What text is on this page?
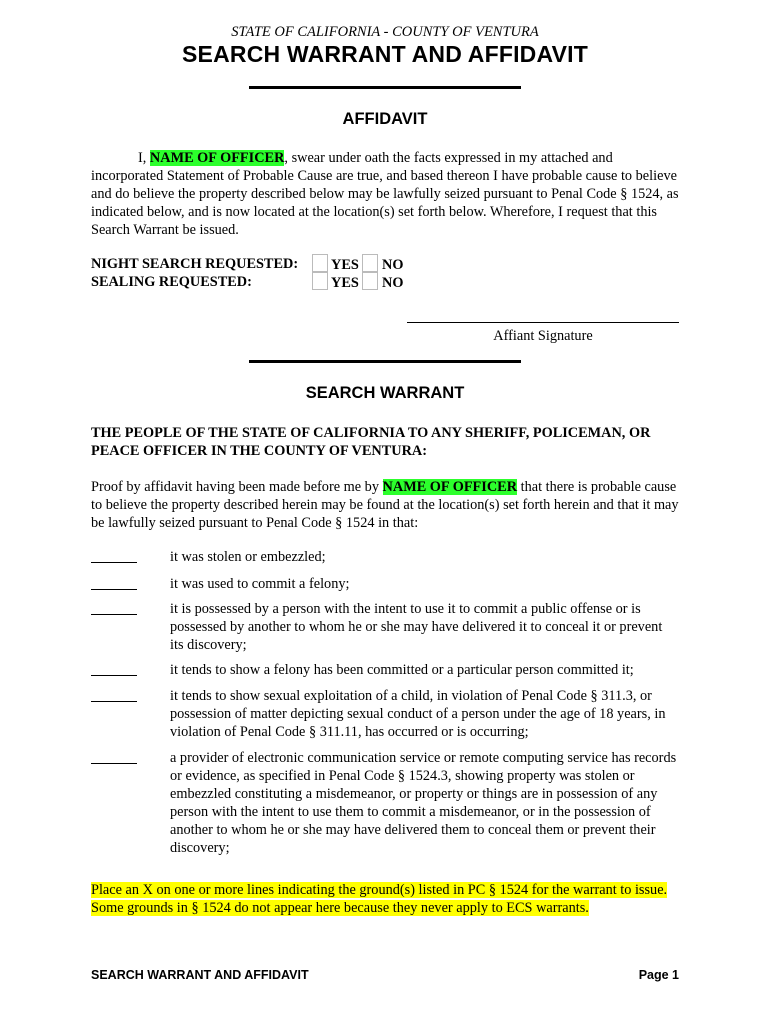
STATE OF CALIFORNIA - COUNTY OF VENTURA
SEARCH WARRANT AND AFFIDAVIT
AFFIDAVIT
I, NAME OF OFFICER, swear under oath the facts expressed in my attached and incorporated Statement of Probable Cause are true, and based thereon I have probable cause to believe and do believe the property described below may be lawfully seized pursuant to Penal Code § 1524, as indicated below, and is now located at the location(s) set forth below. Wherefore, I request that this Search Warrant be issued.
NIGHT SEARCH REQUESTED:
SEALING REQUESTED:
YES NO
YES NO
Affiant Signature
SEARCH WARRANT
THE PEOPLE OF THE STATE OF CALIFORNIA TO ANY SHERIFF, POLICEMAN, OR PEACE OFFICER IN THE COUNTY OF VENTURA:
Proof by affidavit having been made before me by NAME OF OFFICER that there is probable cause to believe the property described herein may be found at the location(s) set forth herein and that it may be lawfully seized pursuant to Penal Code § 1524 in that:
it was stolen or embezzled;
it was used to commit a felony;
it is possessed by a person with the intent to use it to commit a public offense or is possessed by another to whom he or she may have delivered it to conceal it or prevent its discovery;
it tends to show a felony has been committed or a particular person committed it;
it tends to show sexual exploitation of a child, in violation of Penal Code § 311.3, or possession of matter depicting sexual conduct of a person under the age of 18 years, in violation of Penal Code § 311.11, has occurred or is occurring;
a provider of electronic communication service or remote computing service has records or evidence, as specified in Penal Code § 1524.3, showing property was stolen or embezzled constituting a misdemeanor, or property or things are in possession of any person with the intent to use them to commit a misdemeanor, or in the possession of another to whom he or she may have delivered them to conceal them or prevent their discovery;
Place an X on one or more lines indicating the ground(s) listed in PC § 1524 for the warrant to issue. Some grounds in § 1524 do not appear here because they never apply to ECS warrants.
SEARCH WARRANT AND AFFIDAVIT	Page 1
